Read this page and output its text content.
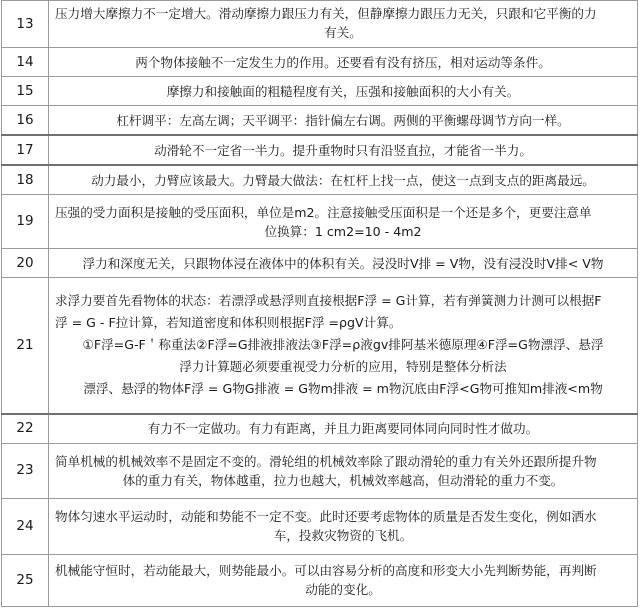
13	压力增大摩擦力不一定增大。滑动摩擦力跟压力有关，但静摩擦力跟压力无关，只跟和它平衡的力
有关。

14	两个物体接触不一定发生力的作用。还要看有没有挤压，相对运动等条件。
15	摩擦力和接触面的粗糙程度有关，压强和接触面积的大小有关。
16	杠杆调平：左高左调；天平调平：指针偏左右调。两侧的平衡螺母调节方向一样。
17	动滑轮不一定省一半力。提升重物时只有沿竖直拉，才能省一半力。
18	动力最小，力臂应该最大。力臂最大做法：在杠杆上找一点，使这一点到支点的距离最远。
19	压强的受力面积是接触的受压面积，单位是m2。注意接触受压面积是一个还是多个，更要注意单
位换算：1 cm2=10 - 4m2

20	浮力和深度无关，只跟物体浸在液体中的体积有关。浸没时V排 = V物，没有浸没时V排< V物
21	求浮力要首先看物体的状态：若漂浮或悬浮则直接根据F浮 = G计算，若有弹簧测力计测可以根据F
浮 = G - F拉计算，若知道密度和体积则根据F浮 =ρgV计算。
①F浮=G-F＇称重法②F浮=G排液排液法③F浮=ρ液gv排阿基米德原理④F浮=G物漂浮、悬浮
浮力计算题必须要重视受力分析的应用，特别是整体分析法
漂浮、悬浮的物体F浮 = G物G排液 = G物m排液 = m物沉底由F浮<G物可推知m排液<m物

22	有力不一定做功。有力有距离，并且力距离要同体同向同时性才做功。
23	简单机械的机械效率不是固定不变的。滑轮组的机械效率除了跟动滑轮的重力有关外还跟所提升物
体的重力有关，物体越重，拉力也越大，机械效率越高，但动滑轮的重力不变。

24	物体匀速水平运动时，动能和势能不一定不变。此时还要考虑物体的质量是否发生变化，例如洒水
车，投救灾物资的飞机。

25	机械能守恒时，若动能最大，则势能最小。可以由容易分析的高度和形变大小先判断势能，再判断
动能的变化。
